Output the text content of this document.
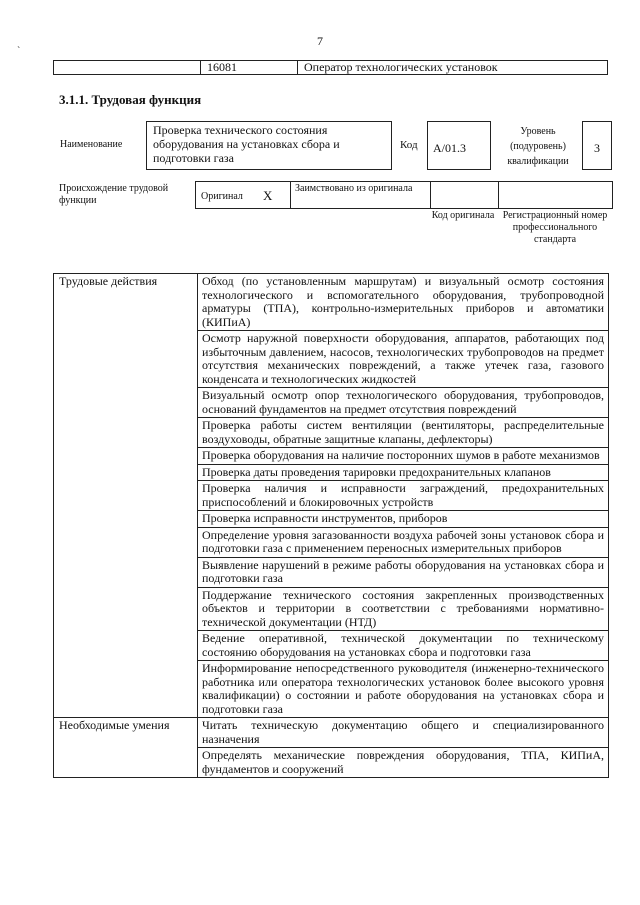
7
`
16081	Оператор технологических установок
3.1.1. Трудовая функция
Наименование
Проверка технического состояния оборудования на установках сбора и подготовки газа
Код	A/01.3
Уровень (подуровень) квалификации
3
Происхождение трудовой функции	Оригинал X Заимствовано из оригинала
Код оригинала Регистрационный номер профессионального стандарта
Трудовые действия	Обход (по установленным маршрутам) и визуальный осмотр состояния технологического и вспомогательного оборудования, трубопроводной арматуры (ТПА), контрольно-измерительных приборов и автоматики (КИПиА)
	Осмотр наружной поверхности оборудования, аппаратов, работающих под избыточным давлением, насосов, технологических трубопроводов на предмет отсутствия механических повреждений, а также утечек газа, газового конденсата и технологических жидкостей
	Визуальный осмотр опор технологического оборудования, трубопроводов, оснований фундаментов на предмет отсутствия повреждений
	Проверка работы систем вентиляции (вентиляторы, распределительные воздуховоды, обратные защитные клапаны, дефлекторы)
	Проверка оборудования на наличие посторонних шумов в работе механизмов
	Проверка даты проведения тарировки предохранительных клапанов
	Проверка наличия и исправности заграждений, предохранительных приспособлений и блокировочных устройств
	Проверка исправности инструментов, приборов
	Определение уровня загазованности воздуха рабочей зоны установок сбора и подготовки газа с применением переносных измерительных приборов
	Выявление нарушений в режиме работы оборудования на установках сбора и подготовки газа
	Поддержание технического состояния закрепленных производственных объектов и территории в соответствии с требованиями нормативно-технической документации (НТД)
	Ведение оперативной, технической документации по техническому состоянию оборудования на установках сбора и подготовки газа
	Информирование непосредственного руководителя (инженерно-технического работника или оператора технологических установок более высокого уровня квалификации) о состоянии и работе оборудования на установках сбора и подготовки газа
Необходимые умения	Читать техническую документацию общего и специализированного назначения
	Определять механические повреждения оборудования, ТПА, КИПиА, фундаментов и сооружений
